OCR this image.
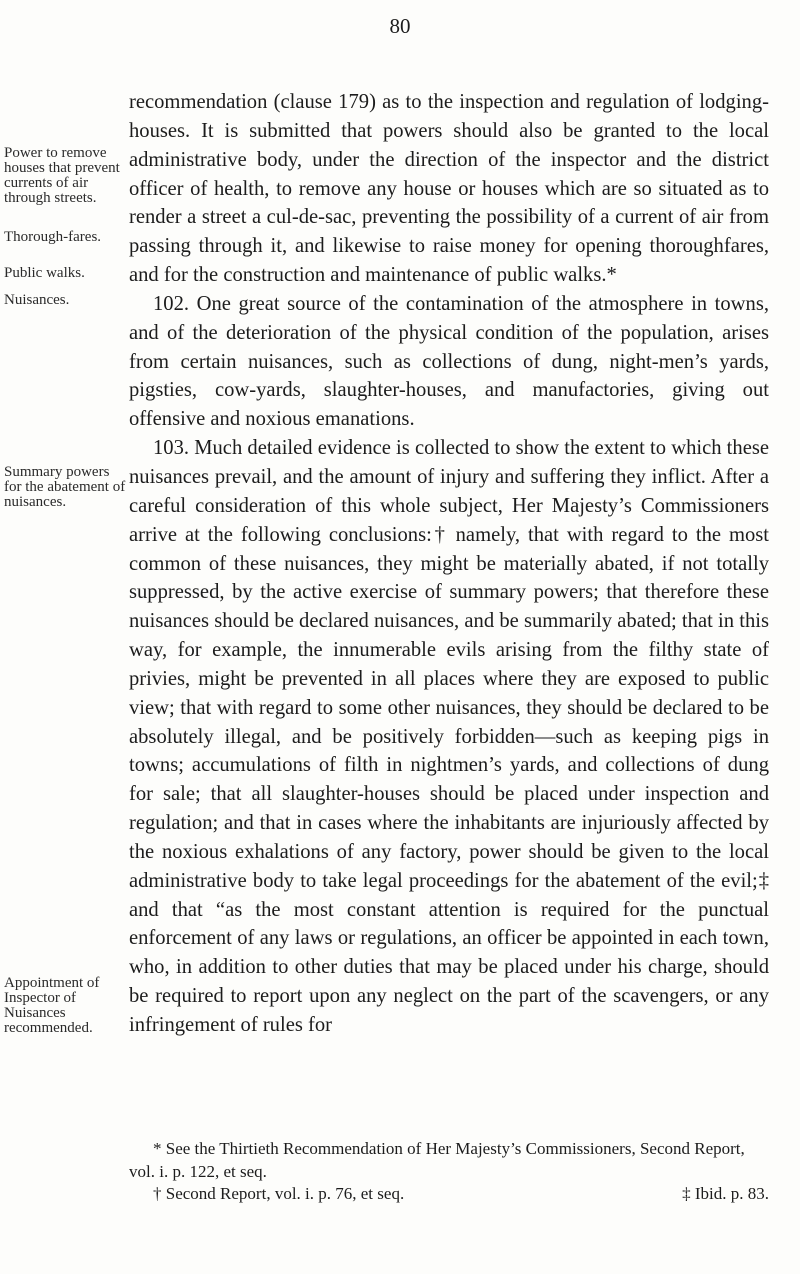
80
Power to remove houses that prevent currents of air through streets.
Thorough-fares.
Public walks.
Nuisances.
Summary powers for the abatement of nuisances.
Appointment of Inspector of Nuisances recommended.

recommendation (clause 179) as to the inspection and regulation of lodging-houses. It is submitted that powers should also be granted to the local administrative body, under the direction of the inspector and the district officer of health, to remove any house or houses which are so situated as to render a street a cul-de-sac, preventing the possibility of a current of air from passing through it, and likewise to raise money for opening thoroughfares, and for the construction and maintenance of public walks.*

102. One great source of the contamination of the atmosphere in towns, and of the deterioration of the physical condition of the population, arises from certain nuisances, such as collections of dung, night-men’s yards, pigsties, cow-yards, slaughter-houses, and manufactories, giving out offensive and noxious emanations.

103. Much detailed evidence is collected to show the extent to which these nuisances prevail, and the amount of injury and suffering they inflict. After a careful consideration of this whole subject, Her Majesty’s Commissioners arrive at the following conclusions:† namely, that with regard to the most common of these nuisances, they might be materially abated, if not totally suppressed, by the active exercise of summary powers; that therefore these nuisances should be declared nuisances, and be summarily abated; that in this way, for example, the innumerable evils arising from the filthy state of privies, might be prevented in all places where they are exposed to public view; that with regard to some other nuisances, they should be declared to be absolutely illegal, and be positively forbidden—such as keeping pigs in towns; accumulations of filth in nightmen’s yards, and collections of dung for sale; that all slaughter-houses should be placed under inspection and regulation; and that in cases where the inhabitants are injuriously affected by the noxious exhalations of any factory, power should be given to the local administrative body to take legal proceedings for the abatement of the evil;‡ and that “as the most constant attention is required for the punctual enforcement of any laws or regulations, an officer be appointed in each town, who, in addition to other duties that may be placed under his charge, should be required to report upon any neglect on the part of the scavengers, or any infringement of rules for

* See the Thirtieth Recommendation of Her Majesty’s Commissioners, Second Report, vol. i. p. 122, et seq.

† Second Report, vol. i. p. 76, et seq.	‡ Ibid. p. 83.
